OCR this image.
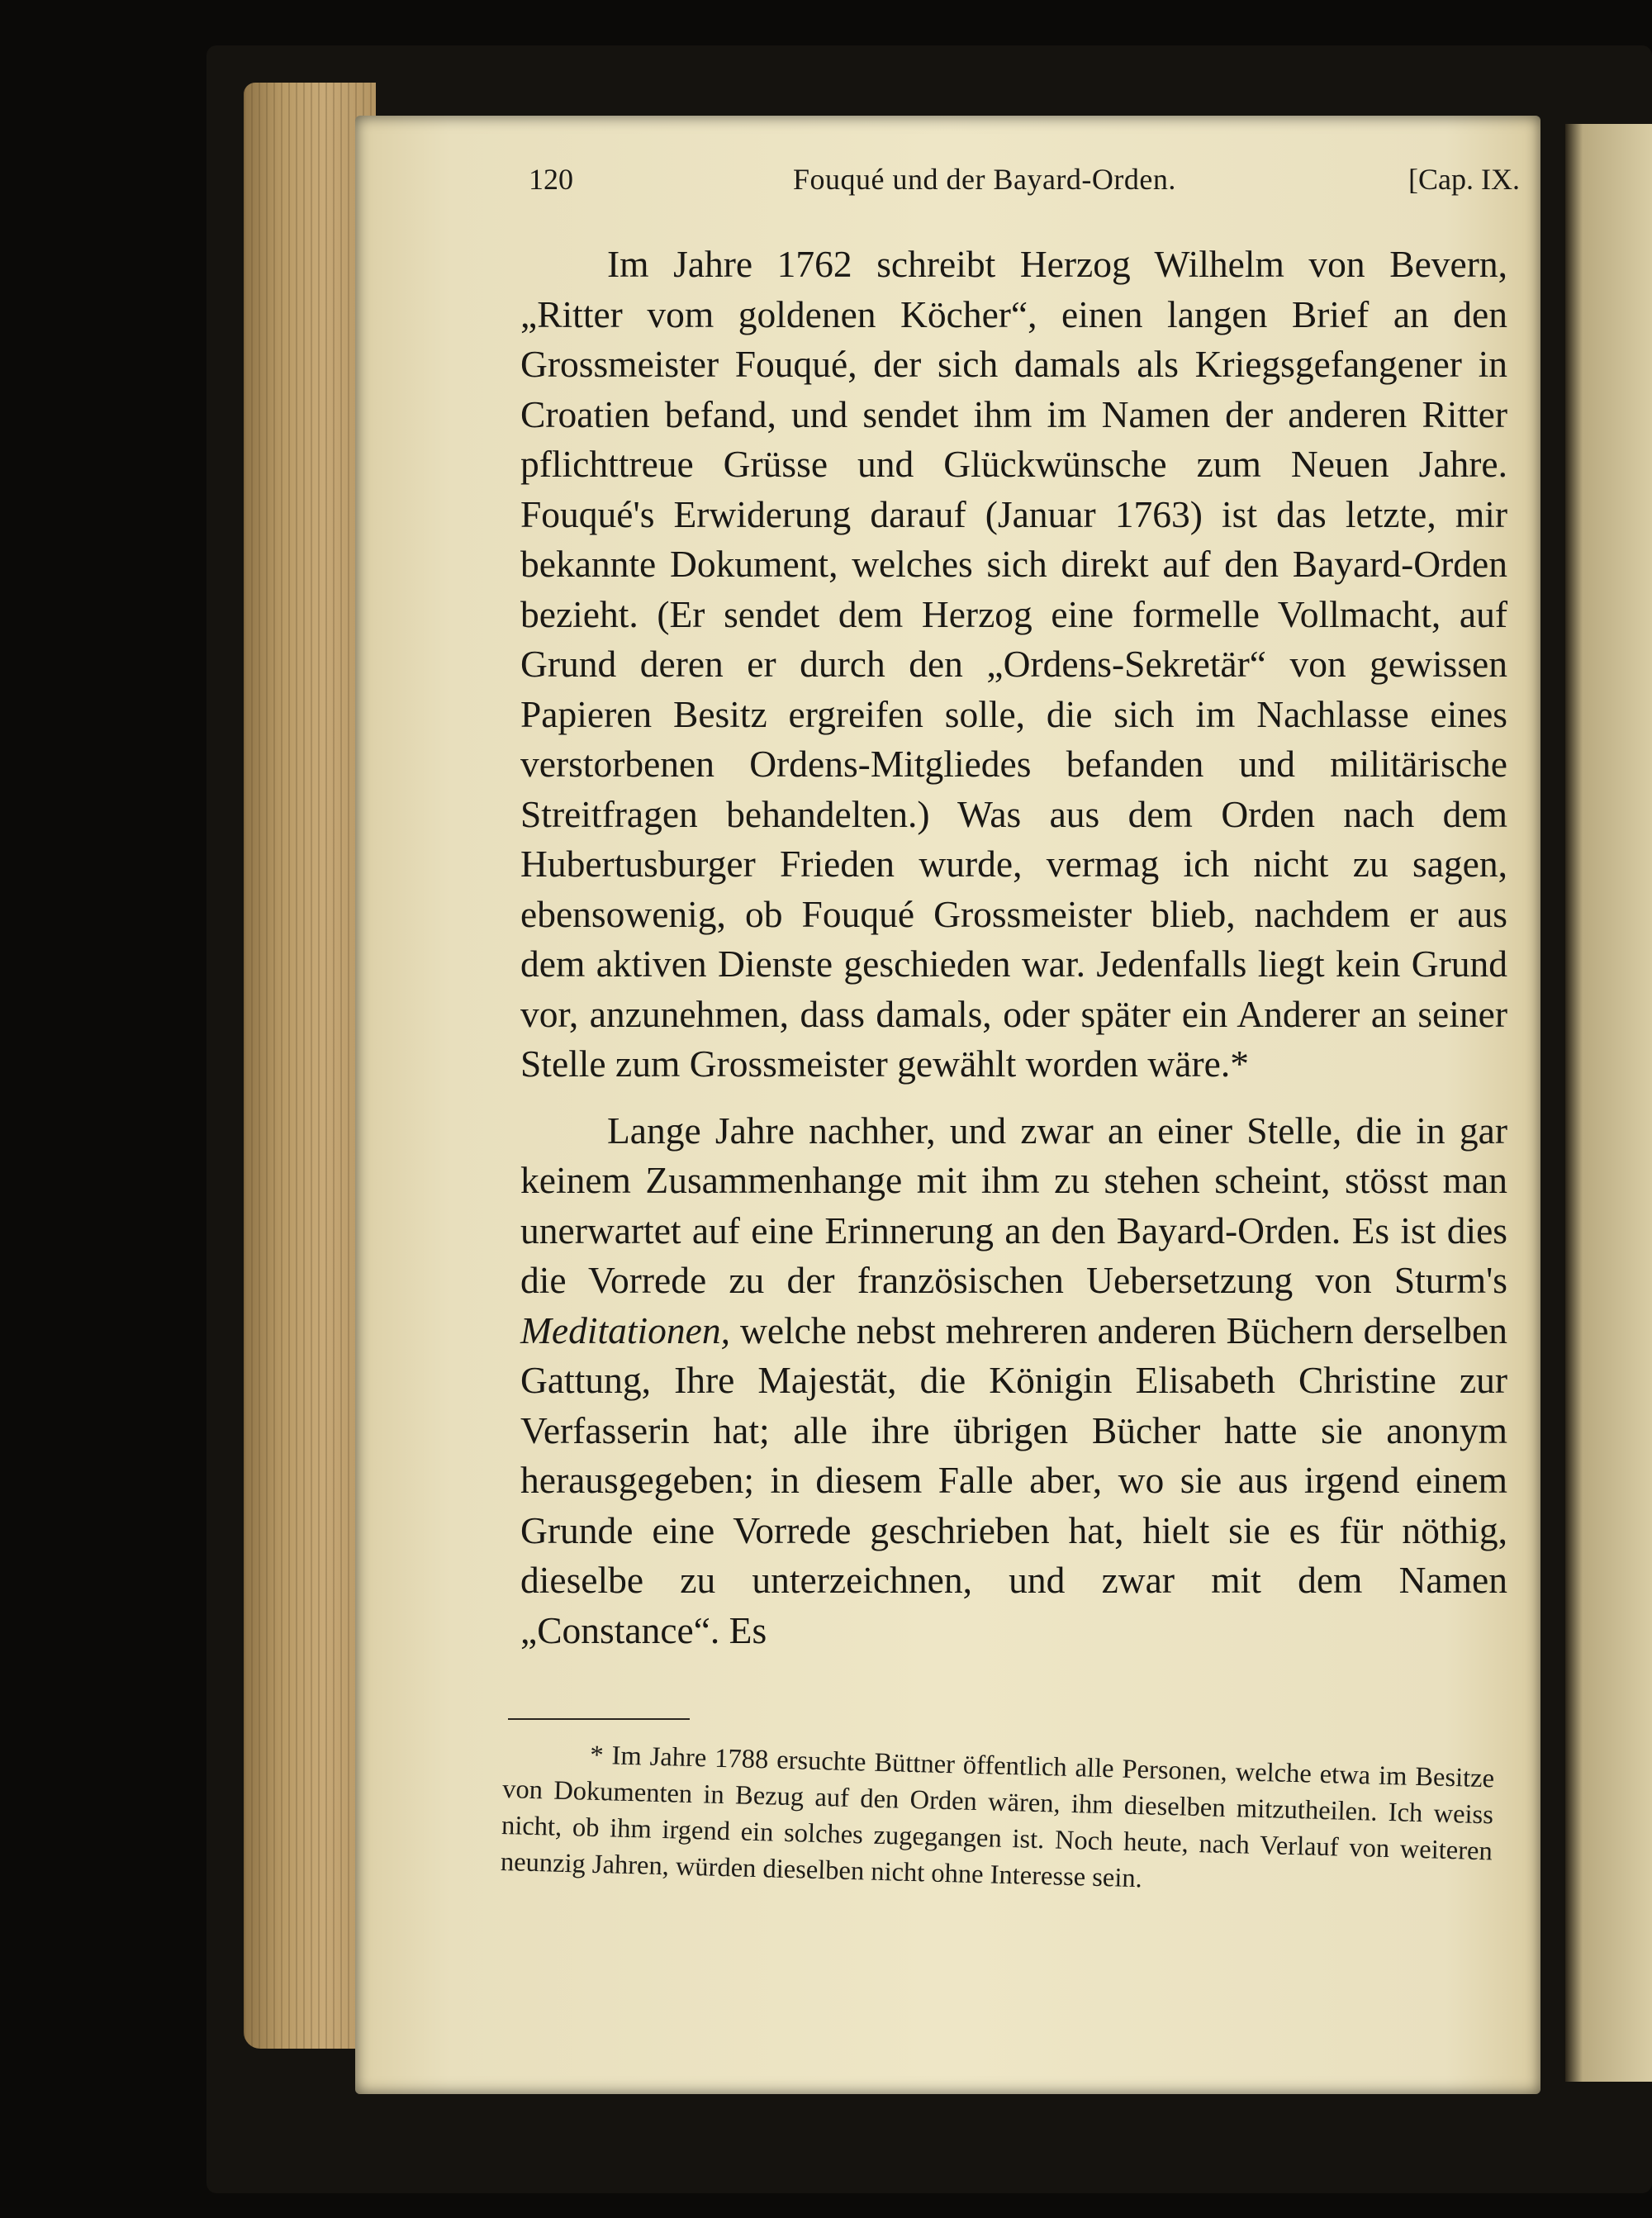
120	Fouqué und der Bayard-Orden.	[Cap. IX.

Im Jahre 1762 schreibt Herzog Wilhelm von Bevern, „Ritter vom goldenen Köcher“, einen langen Brief an den Grossmeister Fouqué, der sich damals als Kriegsgefangener in Croatien befand, und sendet ihm im Namen der anderen Ritter pflichttreue Grüsse und Glückwünsche zum Neuen Jahre. Fouqué's Erwiderung darauf (Januar 1763) ist das letzte, mir bekannte Dokument, welches sich direkt auf den Bayard-Orden bezieht. (Er sendet dem Herzog eine formelle Vollmacht, auf Grund deren er durch den „Ordens-Sekretär“ von gewissen Papieren Besitz ergreifen solle, die sich im Nachlasse eines verstorbenen Ordens-Mitgliedes befanden und militärische Streitfragen behandelten.) Was aus dem Orden nach dem Hubertusburger Frieden wurde, vermag ich nicht zu sagen, ebensowenig, ob Fouqué Grossmeister blieb, nachdem er aus dem aktiven Dienste geschieden war. Jedenfalls liegt kein Grund vor, anzunehmen, dass damals, oder später ein Anderer an seiner Stelle zum Grossmeister gewählt worden wäre.*

Lange Jahre nachher, und zwar an einer Stelle, die in gar keinem Zusammenhange mit ihm zu stehen scheint, stösst man unerwartet auf eine Erinnerung an den Bayard-Orden. Es ist dies die Vorrede zu der französischen Uebersetzung von Sturm's Meditationen, welche nebst mehreren anderen Büchern derselben Gattung, Ihre Majestät, die Königin Elisabeth Christine zur Verfasserin hat; alle ihre übrigen Bücher hatte sie anonym herausgegeben; in diesem Falle aber, wo sie aus irgend einem Grunde eine Vorrede geschrieben hat, hielt sie es für nöthig, dieselbe zu unterzeichnen, und zwar mit dem Namen „Constance“. Es

* Im Jahre 1788 ersuchte Büttner öffentlich alle Personen, welche etwa im Besitze von Dokumenten in Bezug auf den Orden wären, ihm dieselben mitzutheilen. Ich weiss nicht, ob ihm irgend ein solches zugegangen ist. Noch heute, nach Verlauf von weiteren neunzig Jahren, würden dieselben nicht ohne Interesse sein.
